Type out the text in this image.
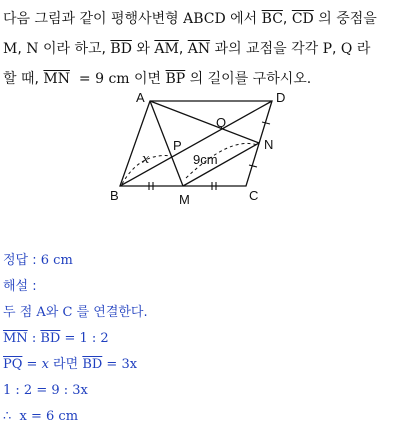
다음 그림과 같이 평행사변형 ABCD 에서 $\overline{BC}$, $\overline{CD}$ 의 중점을
M, N 이라 하고, $\overline{BD}$ 와 $\overline{AM}$, $\overline{AN}$ 과의 교점을 각각 P, Q 라
할 때, $\overline{MN} = 9$ cm 이면 $\overline{BP}$ 의 길이를 구하시오.
A	D
B	C
M
N
P
Q
x	9cm
정답 : 6 cm
해설 :
두 점 A와 C 를 연결한다.
$\overline{MN}$ : $\overline{BD} = 1$ : 2
$\overline{PQ} = x$ 라면 $\overline{BD} = 3x$
1 : 2 = 9 : 3x
∴  x = 6 cm
